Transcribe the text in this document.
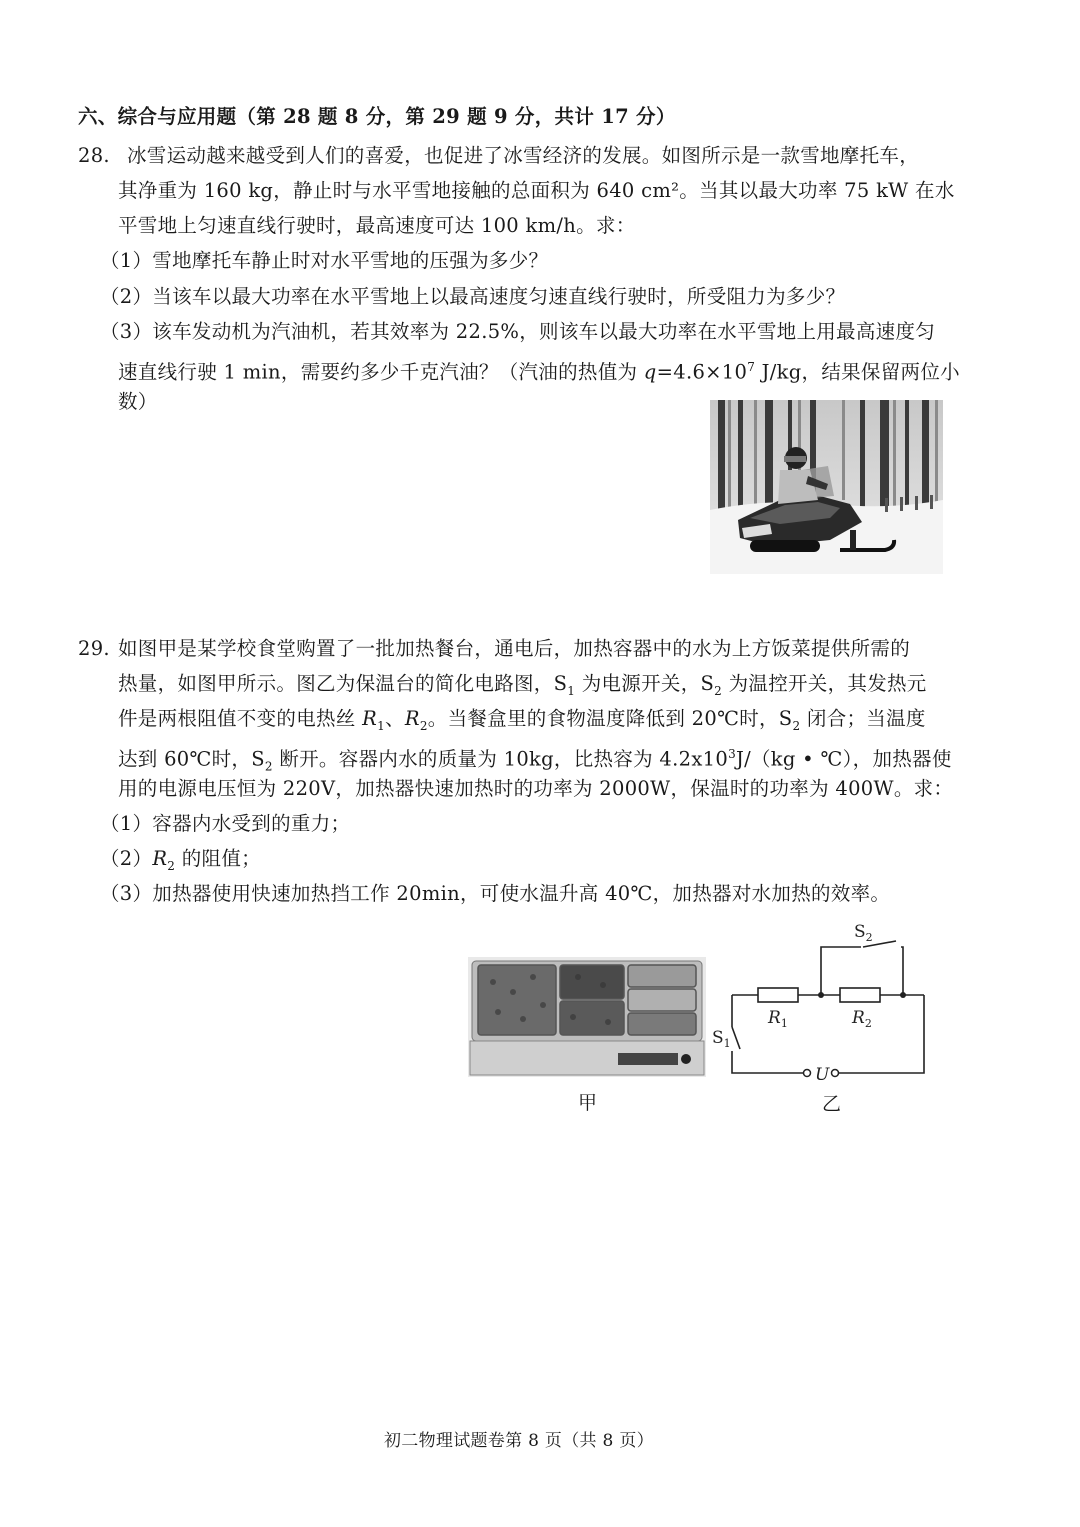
六、综合与应用题（第 28 题 8 分，第 29 题 9 分，共计 17 分）
28. 冰雪运动越来越受到人们的喜爱，也促进了冰雪经济的发展。如图所示是一款雪地摩托车，
其净重为 160 kg，静止时与水平雪地接触的总面积为 640 cm²。当其以最大功率 75 kW 在水
平雪地上匀速直线行驶时，最高速度可达 100 km/h。求：
（1）雪地摩托车静止时对水平雪地的压强为多少？
（2）当该车以最大功率在水平雪地上以最高速度匀速直线行驶时，所受阻力为多少？
（3）该车发动机为汽油机，若其效率为 22.5%，则该车以最大功率在水平雪地上用最高速度匀
速直线行驶 1 min，需要约多少千克汽油？（汽油的热值为 $q=4.6\times 10^7$ J/kg，结果保留两位小
数）
29. 如图甲是某学校食堂购置了一批加热餐台，通电后，加热容器中的水为上方饭菜提供所需的
热量，如图甲所示。图乙为保温台的简化电路图，$S_1$ 为电源开关，$S_2$ 为温控开关，其发热元
件是两根阻值不变的电热丝 $R_1$、$R_2$。当餐盒里的食物温度降低到 20℃时，$S_2$ 闭合；当温度
达到 60℃时，$S_2$ 断开。容器内水的质量为 10kg，比热容为 $4.2x10^3J/(kg$ • ℃），加热器使
用的电源电压恒为 220V，加热器快速加热时的功率为 2000W，保温时的功率为 400W。求：
（1）容器内水受到的重力；
$(2)R_2$ 的阻值；
（3）加热器使用快速加热挡工作 20min，可使水温升高 40℃，加热器对水加热的效率。
甲
$S_2$
$S_1$
$R_1$	$R_2$
U
乙
初二物理试题卷第 8 页（共 8 页）
